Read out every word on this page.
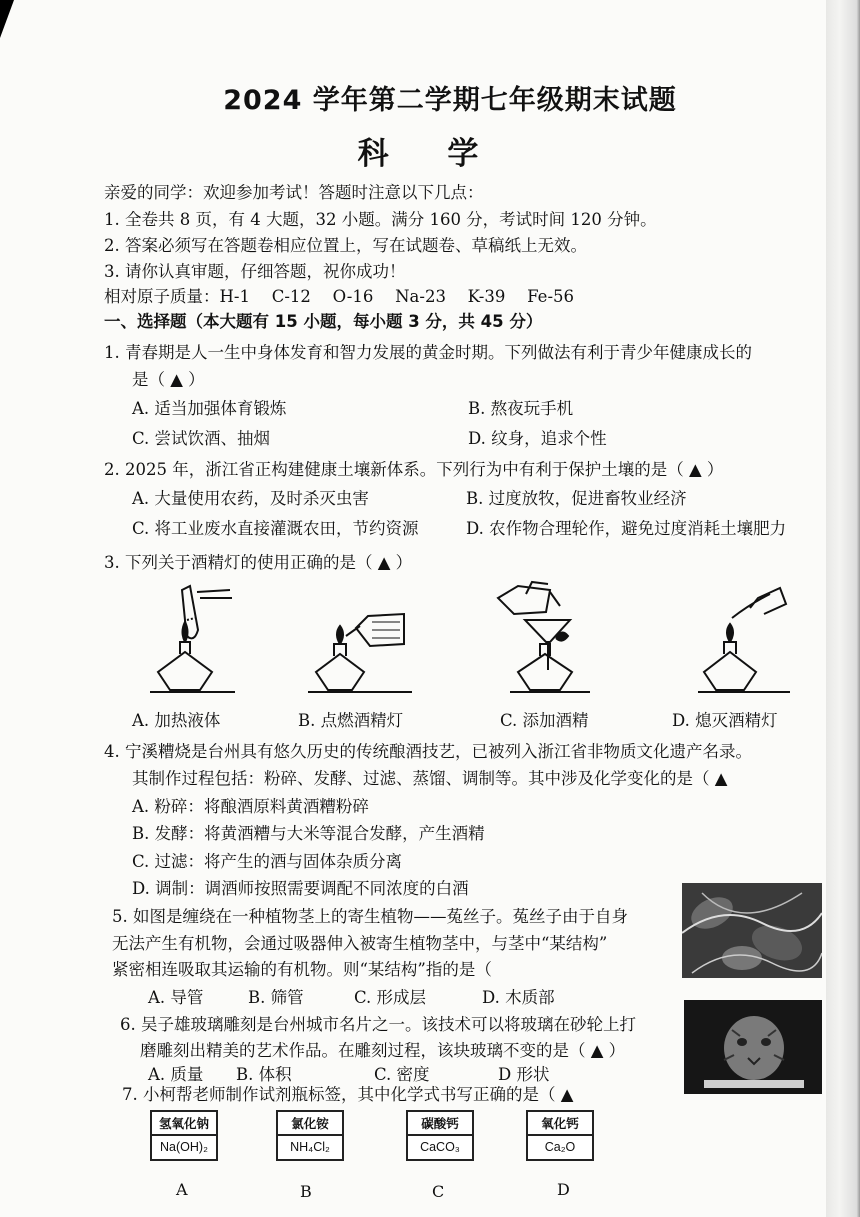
2024 学年第二学期七年级期末试题
科 学
亲爱的同学：欢迎参加考试！答题时注意以下几点：
1. 全卷共 8 页，有 4 大题，32 小题。满分 160 分，考试时间 120 分钟。
2. 答案必须写在答题卷相应位置上，写在试题卷、草稿纸上无效。
3. 请你认真审题，仔细答题，祝你成功！
相对原子质量：H-1　 C-12　 O-16　 Na-23　 K-39　 Fe-56
一、选择题（本大题有 15 小题，每小题 3 分，共 45 分）
1. 青春期是人一生中身体发育和智力发展的黄金时期。下列做法有利于青少年健康成长的
是（ ▲ ）
A. 适当加强体育锻炼	B. 熬夜玩手机
C. 尝试饮酒、抽烟	D. 纹身，追求个性
2. 2025 年，浙江省正构建健康土壤新体系。下列行为中有利于保护土壤的是（ ▲ ）
A. 大量使用农药，及时杀灭虫害	B. 过度放牧，促进畜牧业经济
C. 将工业废水直接灌溉农田，节约资源	D. 农作物合理轮作，避免过度消耗土壤肥力
3. 下列关于酒精灯的使用正确的是（ ▲ ）
A. 加热液体	B. 点燃酒精灯	C. 添加酒精	D. 熄灭酒精灯
4. 宁溪糟烧是台州具有悠久历史的传统酿酒技艺，已被列入浙江省非物质文化遗产名录。
其制作过程包括：粉碎、发酵、过滤、蒸馏、调制等。其中涉及化学变化的是（ ▲
A. 粉碎：将酿酒原料黄酒糟粉碎
B. 发酵：将黄酒糟与大米等混合发酵，产生酒精
C. 过滤：将产生的酒与固体杂质分离
D. 调制：调酒师按照需要调配不同浓度的白酒
5. 如图是缠绕在一种植物茎上的寄生植物——菟丝子。菟丝子由于自身
无法产生有机物，会通过吸器伸入被寄生植物茎中，与茎中“某结构”
紧密相连吸取其运输的有机物。则“某结构”指的是（
A. 导管	B. 筛管	C. 形成层	D. 木质部
6. 吴子雄玻璃雕刻是台州城市名片之一。该技术可以将玻璃在砂轮上打
磨雕刻出精美的艺术作品。在雕刻过程，该块玻璃不变的是（ ▲ ）
A. 质量 B. 体积	C. 密度	D 形状
7. 小柯帮老师制作试剂瓶标签，其中化学式书写正确的是（ ▲
氢氧化钠
Na(OH)₂
氯化铵
NH₄Cl₂
碳酸钙
CaCO₃
氧化钙
Ca₂O
A	B	C	D
